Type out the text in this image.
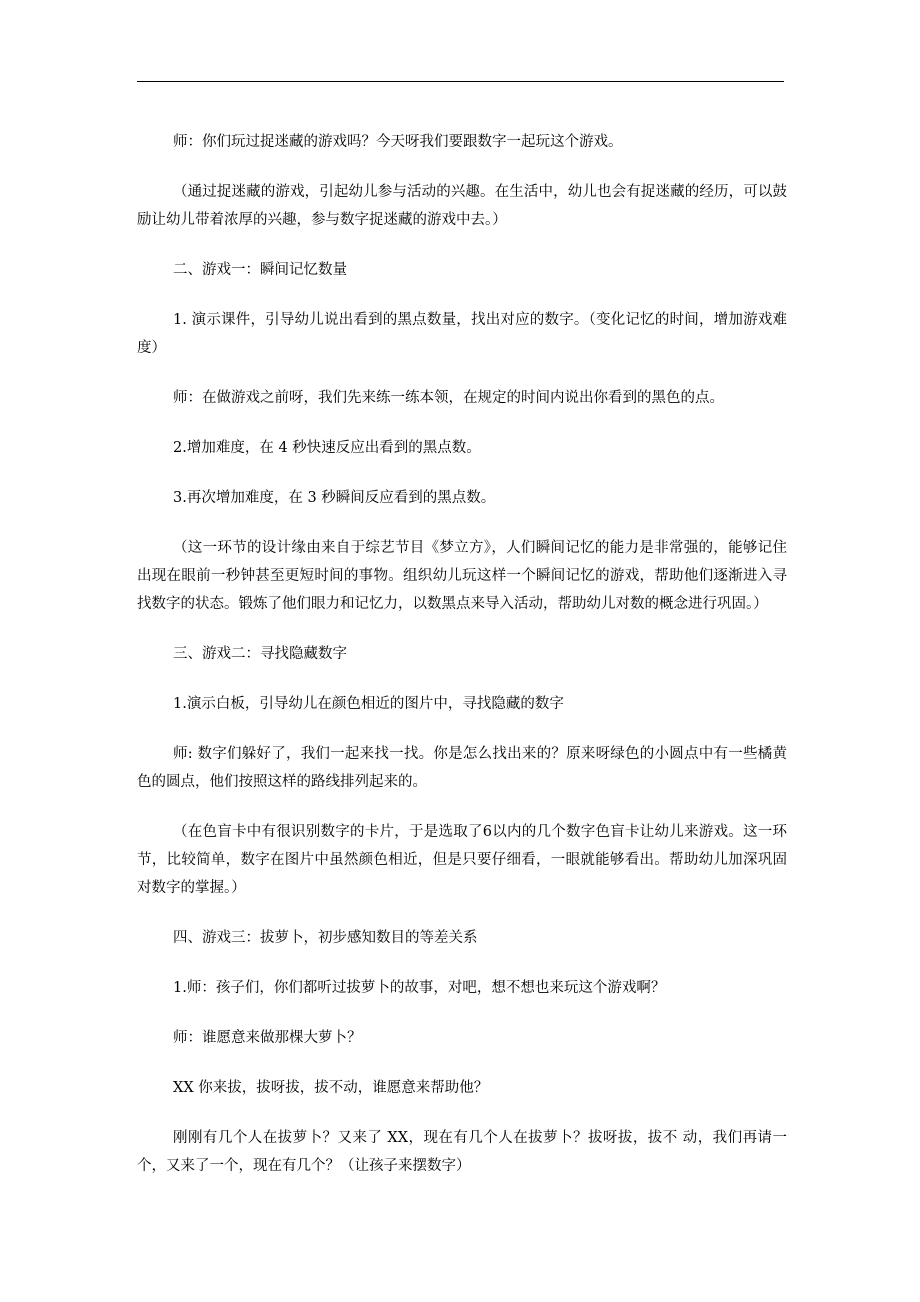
师：你们玩过捉迷藏的游戏吗？今天呀我们要跟数字一起玩这个游戏。

（通过捉迷藏的游戏，引起幼儿参与活动的兴趣。在生活中，幼儿也会有捉迷藏的经历，可以鼓励让幼儿带着浓厚的兴趣，参与数字捉迷藏的游戏中去。）

二、游戏一：瞬间记忆数量

1. 演示课件，引导幼儿说出看到的黑点数量，找出对应的数字。（变化记忆的时间，增加游戏难度）

师：在做游戏之前呀，我们先来练一练本领，在规定的时间内说出你看到的黑色的点。

2.增加难度，在 4 秒快速反应出看到的黑点数。

3.再次增加难度，在 3 秒瞬间反应看到的黑点数。

（这一环节的设计缘由来自于综艺节目《梦立方》，人们瞬间记忆的能力是非常强的，能够记住出现在眼前一秒钟甚至更短时间的事物。组织幼儿玩这样一个瞬间记忆的游戏，帮助他们逐渐进入寻找数字的状态。锻炼了他们眼力和记忆力，以数黑点来导入活动，帮助幼儿对数的概念进行巩固。）

三、游戏二：寻找隐藏数字

1.演示白板，引导幼儿在颜色相近的图片中，寻找隐藏的数字

师: 数字们躲好了，我们一起来找一找。你是怎么找出来的？原来呀绿色的小圆点中有一些橘黄色的圆点，他们按照这样的路线排列起来的。

（在色盲卡中有很识别数字的卡片，于是选取了6以内的几个数字色盲卡让幼儿来游戏。这一环节，比较简单，数字在图片中虽然颜色相近，但是只要仔细看，一眼就能够看出。帮助幼儿加深巩固对数字的掌握。）

四、游戏三：拔萝卜，初步感知数目的等差关系

1.师：孩子们，你们都听过拔萝卜的故事，对吧，想不想也来玩这个游戏啊？

师：谁愿意来做那棵大萝卜？

XX 你来拔，拔呀拔，拔不动，谁愿意来帮助他？

刚刚有几个人在拔萝卜？又来了 XX，现在有几个人在拔萝卜？拔呀拔，拔不 动，我们再请一个，又来了一个，现在有几个？（让孩子来摆数字）
